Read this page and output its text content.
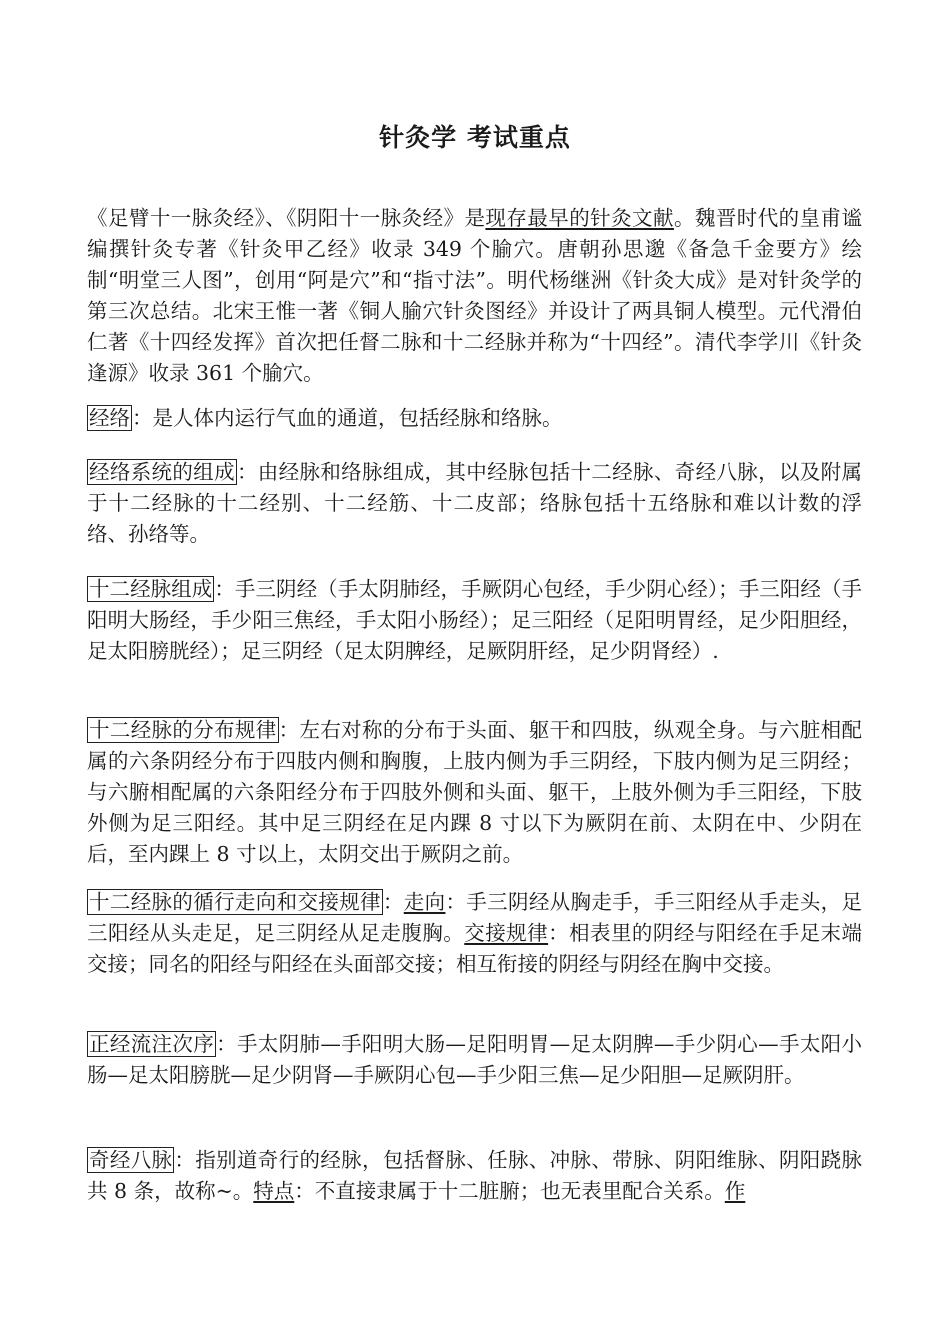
针灸学 考试重点

《足臂十一脉灸经》、《阴阳十一脉灸经》是现存最早的针灸文献。魏晋时代的皇甫谧编撰针灸专著《针灸甲乙经》收录 349 个腧穴。唐朝孙思邈《备急千金要方》绘制“明堂三人图”，创用“阿是穴”和“指寸法”。明代杨继洲《针灸大成》是对针灸学的第三次总结。北宋王惟一著《铜人腧穴针灸图经》并设计了两具铜人模型。元代滑伯仁著《十四经发挥》首次把任督二脉和十二经脉并称为“十四经”。清代李学川《针灸逢源》收录 361 个腧穴。

经络：是人体内运行气血的通道，包括经脉和络脉。

经络系统的组成：由经脉和络脉组成，其中经脉包括十二经脉、奇经八脉，以及附属于十二经脉的十二经别、十二经筋、十二皮部；络脉包括十五络脉和难以计数的浮络、孙络等。

十二经脉组成：手三阴经（手太阴肺经，手厥阴心包经，手少阴心经）；手三阳经（手阳明大肠经，手少阳三焦经，手太阳小肠经）；足三阳经（足阳明胃经，足少阳胆经，足太阳膀胱经）；足三阴经（足太阴脾经，足厥阴肝经，足少阴肾经）.

十二经脉的分布规律：左右对称的分布于头面、躯干和四肢，纵观全身。与六脏相配属的六条阴经分布于四肢内侧和胸腹，上肢内侧为手三阴经，下肢内侧为足三阴经；与六腑相配属的六条阳经分布于四肢外侧和头面、躯干，上肢外侧为手三阳经，下肢外侧为足三阳经。其中足三阴经在足内踝 8 寸以下为厥阴在前、太阴在中、少阴在后，至内踝上 8 寸以上，太阴交出于厥阴之前。

十二经脉的循行走向和交接规律：走向：手三阴经从胸走手，手三阳经从手走头，足三阳经从头走足，足三阴经从足走腹胸。交接规律：相表里的阴经与阳经在手足末端交接；同名的阳经与阳经在头面部交接；相互衔接的阴经与阴经在胸中交接。

正经流注次序：手太阴肺—手阳明大肠—足阳明胃—足太阴脾—手少阴心—手太阳小肠—足太阳膀胱—足少阴肾—手厥阴心包—手少阳三焦—足少阳胆—足厥阴肝。

奇经八脉：指别道奇行的经脉，包括督脉、任脉、冲脉、带脉、阴阳维脉、阴阳跷脉共 8 条，故称~。特点：不直接隶属于十二脏腑；也无表里配合关系。作
